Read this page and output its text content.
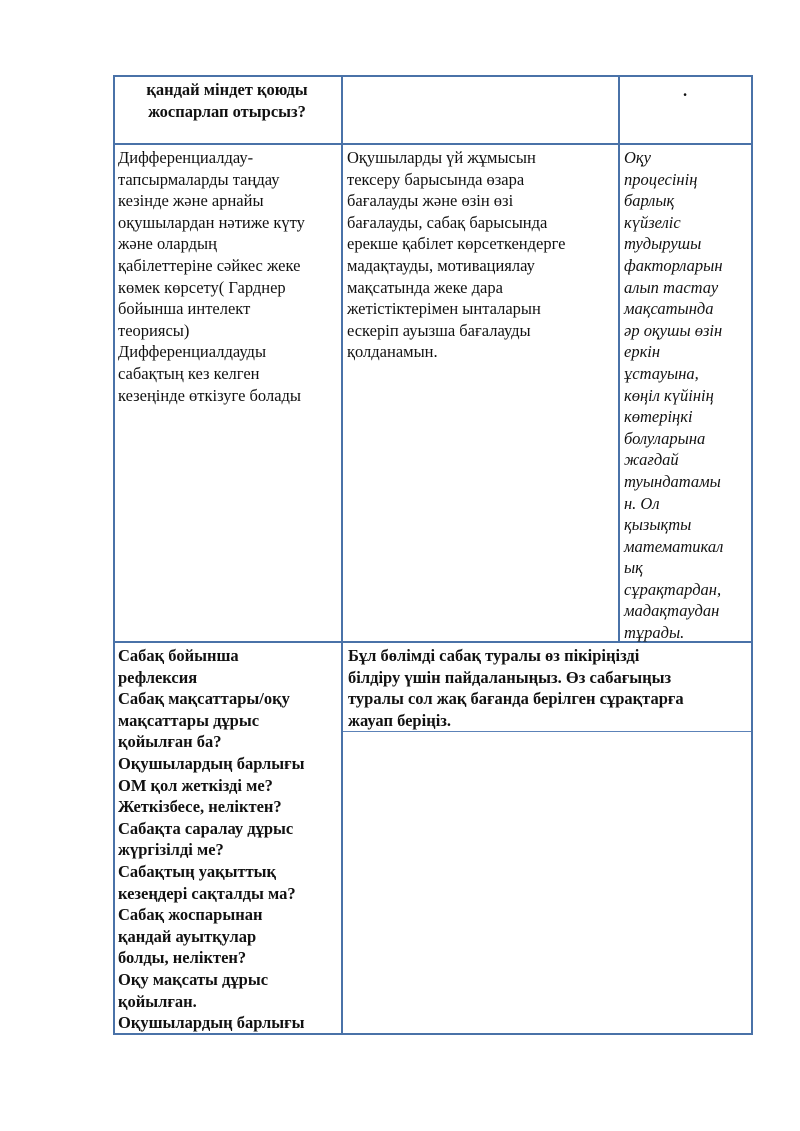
қандай міндет қоюды
жоспарлап отырсыз?
.
Дифференциалдау-
тапсырмаларды таңдау
кезінде және арнайы
оқушылардан нәтиже күту
және олардың
қабілеттеріне сәйкес жеке
көмек көрсету( Гарднер
бойынша интелект
теориясы)
Дифференциалдауды
сабақтың кез келген
кезеңінде өткізуге болады
Оқушыларды үй жұмысын
тексеру барысында өзара
бағалауды және өзін өзі
бағалауды, сабақ барысында
ерекше қабілет көрсеткендерге
мадақтауды, мотивациялау
мақсатында жеке дара
жетістіктерімен ынталарын
ескеріп ауызша бағалауды
қолданамын.
Оқу
процесінің
барлық
күйзеліс
тудырушы
факторларын
алып тастау
мақсатында
әр оқушы өзін
еркін
ұстауына,
көңіл күйінің
көтеріңкі
болуларына
жағдай
туындатамы
н. Ол
қызықты
математикал
ық
сұрақтардан,
мадақтаудан
тұрады.
Сабақ бойынша
рефлексия
Сабақ мақсаттары/оқу
мақсаттары дұрыс
қойылған ба?
Оқушылардың барлығы
ОМ қол жеткізді ме?
Жеткізбесе, неліктен?
Сабақта саралау дұрыс
жүргізілді ме?
Сабақтың уақыттық
кезеңдері сақталды ма?
Сабақ жоспарынан
қандай ауытқулар
болды, неліктен?
Оқу мақсаты дұрыс
қойылған.
Оқушылардың барлығы
Бұл бөлімді сабақ туралы өз пікіріңізді
білдіру үшін пайдаланыңыз. Өз сабағыңыз
туралы сол жақ бағанда берілген сұрақтарға
жауап беріңіз.
